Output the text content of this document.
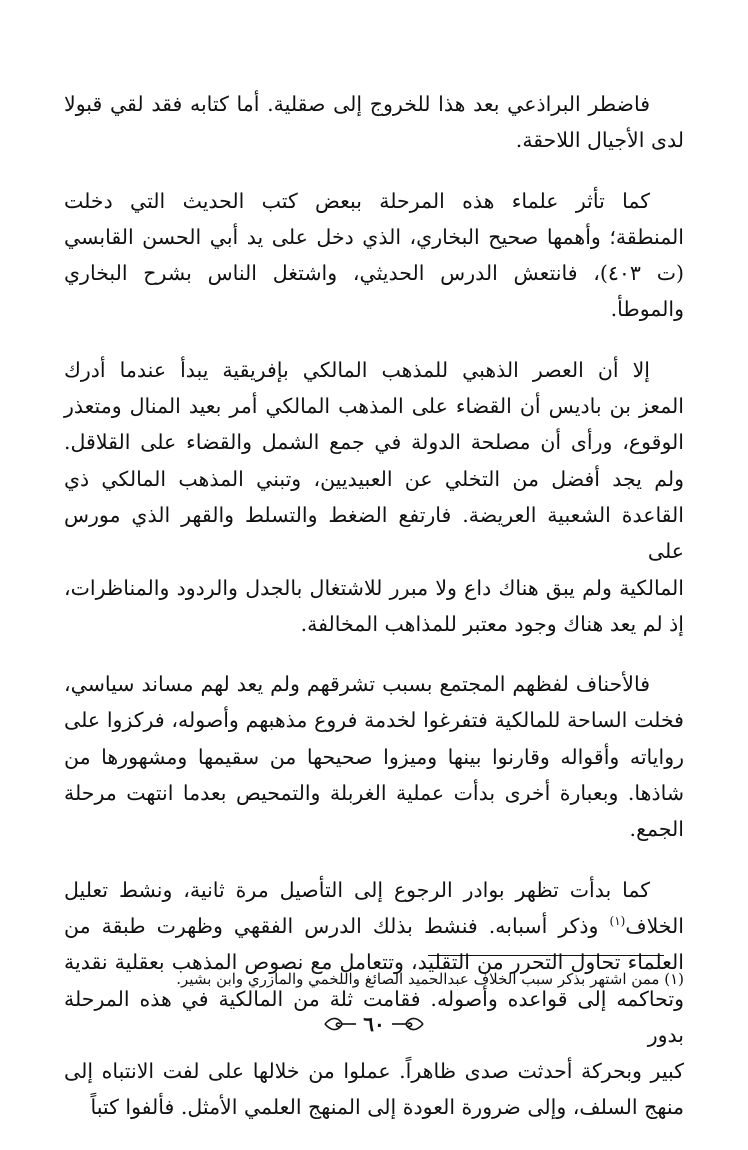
فاضطر البراذعي بعد هذا للخروج إلى صقلية. أما كتابه فقد لقي قبولا
لدى الأجيال اللاحقة.

كما تأثر علماء هذه المرحلة ببعض كتب الحديث التي دخلت
المنطقة؛ وأهمها صحيح البخاري، الذي دخل على يد أبي الحسن القابسي
(ت ٤٠٣)، فانتعش الدرس الحديثي، واشتغل الناس بشرح البخاري
والموطأ.

إلا أن العصر الذهبي للمذهب المالكي بإفريقية يبدأ عندما أدرك
المعز بن باديس أن القضاء على المذهب المالكي أمر بعيد المنال ومتعذر
الوقوع، ورأى أن مصلحة الدولة في جمع الشمل والقضاء على القلاقل.
ولم يجد أفضل من التخلي عن العبيديين، وتبني المذهب المالكي ذي
القاعدة الشعبية العريضة. فارتفع الضغط والتسلط والقهر الذي مورس على
المالكية ولم يبق هناك داع ولا مبرر للاشتغال بالجدل والردود والمناظرات،
إذ لم يعد هناك وجود معتبر للمذاهب المخالفة.

فالأحناف لفظهم المجتمع بسبب تشرقهم ولم يعد لهم مساند سياسي،
فخلت الساحة للمالكية فتفرغوا لخدمة فروع مذهبهم وأصوله، فركزوا على
رواياته وأقواله وقارنوا بينها وميزوا صحيحها من سقيمها ومشهورها من
شاذها. وبعبارة أخرى بدأت عملية الغربلة والتمحيص بعدما انتهت مرحلة
الجمع.

كما بدأت تظهر بوادر الرجوع إلى التأصيل مرة ثانية، ونشط تعليل
الخلاف$^{(١)}$ وذكر أسبابه. فنشط بذلك الدرس الفقهي وظهرت طبقة من
العلماء تحاول التحرر من التقليد، وتتعامل مع نصوص المذهب بعقلية نقدية
وتحاكمه إلى قواعده وأصوله. فقامت ثلة من المالكية في هذه المرحلة بدور
كبير وبحركة أحدثت صدى ظاهراً. عملوا من خلالها على لفت الانتباه إلى
منهج السلف، وإلى ضرورة العودة إلى المنهج العلمي الأمثل. فألفوا كتباً

(١) ممن اشتهر بذكر سبب الخلاف عبدالحميد الصائغ واللخمي والمازري وابن بشير.
٦٠
